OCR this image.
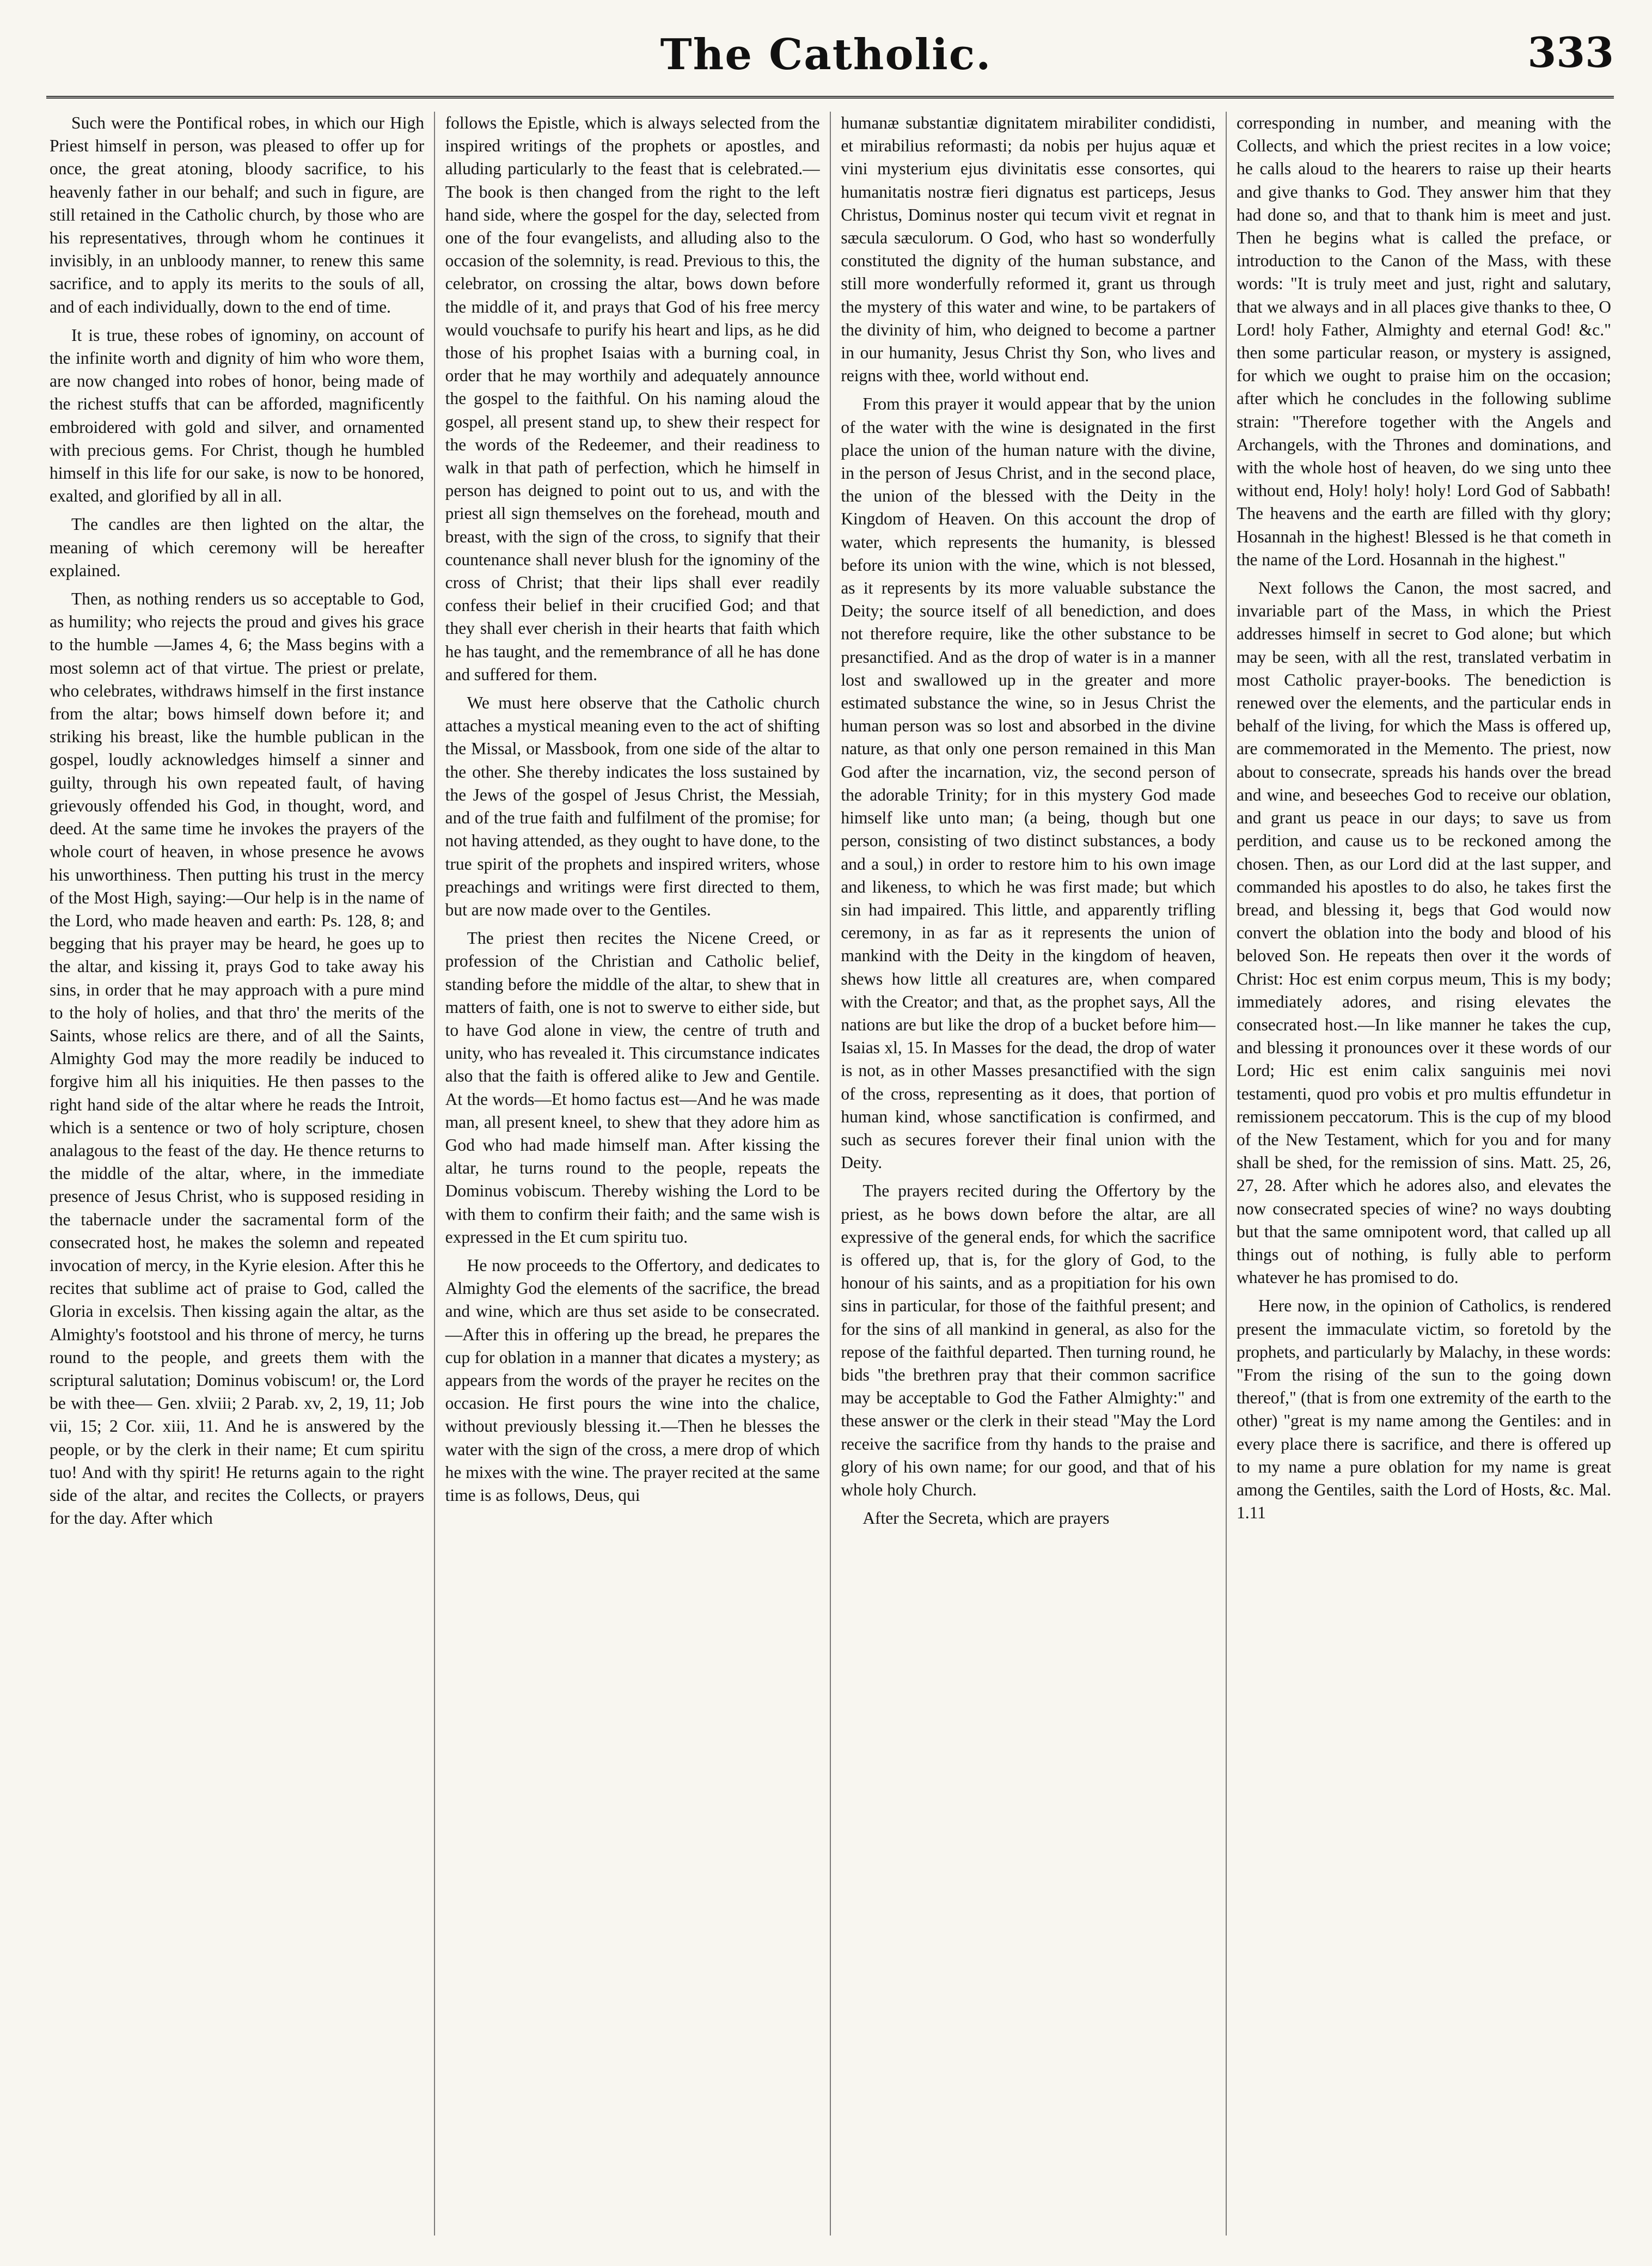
The Catholic.	333

Such were the Pontifical robes, in which our High Priest himself in person, was pleased to offer up for once, the great atoning, bloody sacrifice, to his heavenly father in our behalf; and such in figure, are still retained in the Catholic church, by those who are his representatives, through whom he continues it invisibly, in an unbloody manner, to renew this same sacrifice, and to apply its merits to the souls of all, and of each individually, down to the end of time.

It is true, these robes of ignominy, on account of the infinite worth and dignity of him who wore them, are now changed into robes of honor, being made of the richest stuffs that can be afforded, magnificently embroidered with gold and silver, and ornamented with precious gems. For Christ, though he humbled himself in this life for our sake, is now to be honored, exalted, and glorified by all in all.

The candles are then lighted on the altar, the meaning of which ceremony will be hereafter explained.

Then, as nothing renders us so acceptable to God, as humility; who rejects the proud and gives his grace to the humble —James 4, 6; the Mass begins with a most solemn act of that virtue. The priest or prelate, who celebrates, withdraws himself in the first instance from the altar; bows himself down before it; and striking his breast, like the humble publican in the gospel, loudly acknowledges himself a sinner and guilty, through his own repeated fault, of having grievously offended his God, in thought, word, and deed. At the same time he invokes the prayers of the whole court of heaven, in whose presence he avows his unworthiness. Then putting his trust in the mercy of the Most High, saying:—Our help is in the name of the Lord, who made heaven and earth: Ps. 128, 8; and begging that his prayer may be heard, he goes up to the altar, and kissing it, prays God to take away his sins, in order that he may approach with a pure mind to the holy of holies, and that thro' the merits of the Saints, whose relics are there, and of all the Saints, Almighty God may the more readily be induced to forgive him all his iniquities. He then passes to the right hand side of the altar where he reads the Introit, which is a sentence or two of holy scripture, chosen analagous to the feast of the day. He thence returns to the middle of the altar, where, in the immediate presence of Jesus Christ, who is supposed residing in the tabernacle under the sacramental form of the consecrated host, he makes the solemn and repeated invocation of mercy, in the Kyrie elesion. After this he recites that sublime act of praise to God, called the Gloria in excelsis. Then kissing again the altar, as the Almighty's footstool and his throne of mercy, he turns round to the people, and greets them with the scriptural salutation; Dominus vobiscum! or, the Lord be with thee— Gen. xlviii; 2 Parab. xv, 2, 19, 11; Job vii, 15; 2 Cor. xiii, 11. And he is answered by the people, or by the clerk in their name; Et cum spiritu tuo! And with thy spirit! He returns again to the right side of the altar, and recites the Collects, or prayers for the day. After which

follows the Epistle, which is always selected from the inspired writings of the prophets or apostles, and alluding particularly to the feast that is celebrated.—The book is then changed from the right to the left hand side, where the gospel for the day, selected from one of the four evangelists, and alluding also to the occasion of the solemnity, is read. Previous to this, the celebrator, on crossing the altar, bows down before the middle of it, and prays that God of his free mercy would vouchsafe to purify his heart and lips, as he did those of his prophet Isaias with a burning coal, in order that he may worthily and adequately announce the gospel to the faithful. On his naming aloud the gospel, all present stand up, to shew their respect for the words of the Redeemer, and their readiness to walk in that path of perfection, which he himself in person has deigned to point out to us, and with the priest all sign themselves on the forehead, mouth and breast, with the sign of the cross, to signify that their countenance shall never blush for the ignominy of the cross of Christ; that their lips shall ever readily confess their belief in their crucified God; and that they shall ever cherish in their hearts that faith which he has taught, and the remembrance of all he has done and suffered for them.

We must here observe that the Catholic church attaches a mystical meaning even to the act of shifting the Missal, or Massbook, from one side of the altar to the other. She thereby indicates the loss sustained by the Jews of the gospel of Jesus Christ, the Messiah, and of the true faith and fulfilment of the promise; for not having attended, as they ought to have done, to the true spirit of the prophets and inspired writers, whose preachings and writings were first directed to them, but are now made over to the Gentiles.

The priest then recites the Nicene Creed, or profession of the Christian and Catholic belief, standing before the middle of the altar, to shew that in matters of faith, one is not to swerve to either side, but to have God alone in view, the centre of truth and unity, who has revealed it. This circumstance indicates also that the faith is offered alike to Jew and Gentile. At the words—Et homo factus est—And he was made man, all present kneel, to shew that they adore him as God who had made himself man. After kissing the altar, he turns round to the people, repeats the Dominus vobiscum. Thereby wishing the Lord to be with them to confirm their faith; and the same wish is expressed in the Et cum spiritu tuo.

He now proceeds to the Offertory, and dedicates to Almighty God the elements of the sacrifice, the bread and wine, which are thus set aside to be consecrated.—After this in offering up the bread, he prepares the cup for oblation in a manner that dicates a mystery; as appears from the words of the prayer he recites on the occasion. He first pours the wine into the chalice, without previously blessing it.—Then he blesses the water with the sign of the cross, a mere drop of which he mixes with the wine. The prayer recited at the same time is as follows, Deus, qui

humanæ substantiæ dignitatem mirabiliter condidisti, et mirabilius reformasti; da nobis per hujus aquæ et vini mysterium ejus divinitatis esse consortes, qui humanitatis nostræ fieri dignatus est particeps, Jesus Christus, Dominus noster qui tecum vivit et regnat in sæcula sæculorum. O God, who hast so wonderfully constituted the dignity of the human substance, and still more wonderfully reformed it, grant us through the mystery of this water and wine, to be partakers of the divinity of him, who deigned to become a partner in our humanity, Jesus Christ thy Son, who lives and reigns with thee, world without end.

From this prayer it would appear that by the union of the water with the wine is designated in the first place the union of the human nature with the divine, in the person of Jesus Christ, and in the second place, the union of the blessed with the Deity in the Kingdom of Heaven. On this account the drop of water, which represents the humanity, is blessed before its union with the wine, which is not blessed, as it represents by its more valuable substance the Deity; the source itself of all benediction, and does not therefore require, like the other substance to be presanctified. And as the drop of water is in a manner lost and swallowed up in the greater and more estimated substance the wine, so in Jesus Christ the human person was so lost and absorbed in the divine nature, as that only one person remained in this Man God after the incarnation, viz, the second person of the adorable Trinity; for in this mystery God made himself like unto man; (a being, though but one person, consisting of two distinct substances, a body and a soul,) in order to restore him to his own image and likeness, to which he was first made; but which sin had impaired. This little, and apparently trifling ceremony, in as far as it represents the union of mankind with the Deity in the kingdom of heaven, shews how little all creatures are, when compared with the Creator; and that, as the prophet says, All the nations are but like the drop of a bucket before him—Isaias xl, 15. In Masses for the dead, the drop of water is not, as in other Masses presanctified with the sign of the cross, representing as it does, that portion of human kind, whose sanctification is confirmed, and such as secures forever their final union with the Deity.

The prayers recited during the Offertory by the priest, as he bows down before the altar, are all expressive of the general ends, for which the sacrifice is offered up, that is, for the glory of God, to the honour of his saints, and as a propitiation for his own sins in particular, for those of the faithful present; and for the sins of all mankind in general, as also for the repose of the faithful departed. Then turning round, he bids "the brethren pray that their common sacrifice may be acceptable to God the Father Almighty:" and these answer or the clerk in their stead "May the Lord receive the sacrifice from thy hands to the praise and glory of his own name; for our good, and that of his whole holy Church.

After the Secreta, which are prayers

corresponding in number, and meaning with the Collects, and which the priest recites in a low voice; he calls aloud to the hearers to raise up their hearts and give thanks to God. They answer him that they had done so, and that to thank him is meet and just. Then he begins what is called the preface, or introduction to the Canon of the Mass, with these words: "It is truly meet and just, right and salutary, that we always and in all places give thanks to thee, O Lord! holy Father, Almighty and eternal God! &c." then some particular reason, or mystery is assigned, for which we ought to praise him on the occasion; after which he concludes in the following sublime strain: "Therefore together with the Angels and Archangels, with the Thrones and dominations, and with the whole host of heaven, do we sing unto thee without end, Holy! holy! holy! Lord God of Sabbath! The heavens and the earth are filled with thy glory; Hosannah in the highest! Blessed is he that cometh in the name of the Lord. Hosannah in the highest."

Next follows the Canon, the most sacred, and invariable part of the Mass, in which the Priest addresses himself in secret to God alone; but which may be seen, with all the rest, translated verbatim in most Catholic prayer-books. The benediction is renewed over the elements, and the particular ends in behalf of the living, for which the Mass is offered up, are commemorated in the Memento. The priest, now about to consecrate, spreads his hands over the bread and wine, and beseeches God to receive our oblation, and grant us peace in our days; to save us from perdition, and cause us to be reckoned among the chosen. Then, as our Lord did at the last supper, and commanded his apostles to do also, he takes first the bread, and blessing it, begs that God would now convert the oblation into the body and blood of his beloved Son. He repeats then over it the words of Christ: Hoc est enim corpus meum, This is my body; immediately adores, and rising elevates the consecrated host.—In like manner he takes the cup, and blessing it pronounces over it these words of our Lord; Hic est enim calix sanguinis mei novi testamenti, quod pro vobis et pro multis effundetur in remissionem peccatorum. This is the cup of my blood of the New Testament, which for you and for many shall be shed, for the remission of sins. Matt. 25, 26, 27, 28. After which he adores also, and elevates the now consecrated species of wine? no ways doubting but that the same omnipotent word, that called up all things out of nothing, is fully able to perform whatever he has promised to do.

Here now, in the opinion of Catholics, is rendered present the immaculate victim, so foretold by the prophets, and particularly by Malachy, in these words: "From the rising of the sun to the going down thereof," (that is from one extremity of the earth to the other) "great is my name among the Gentiles: and in every place there is sacrifice, and there is offered up to my name a pure oblation for my name is great among the Gentiles, saith the Lord of Hosts, &c. Mal. 1.11
